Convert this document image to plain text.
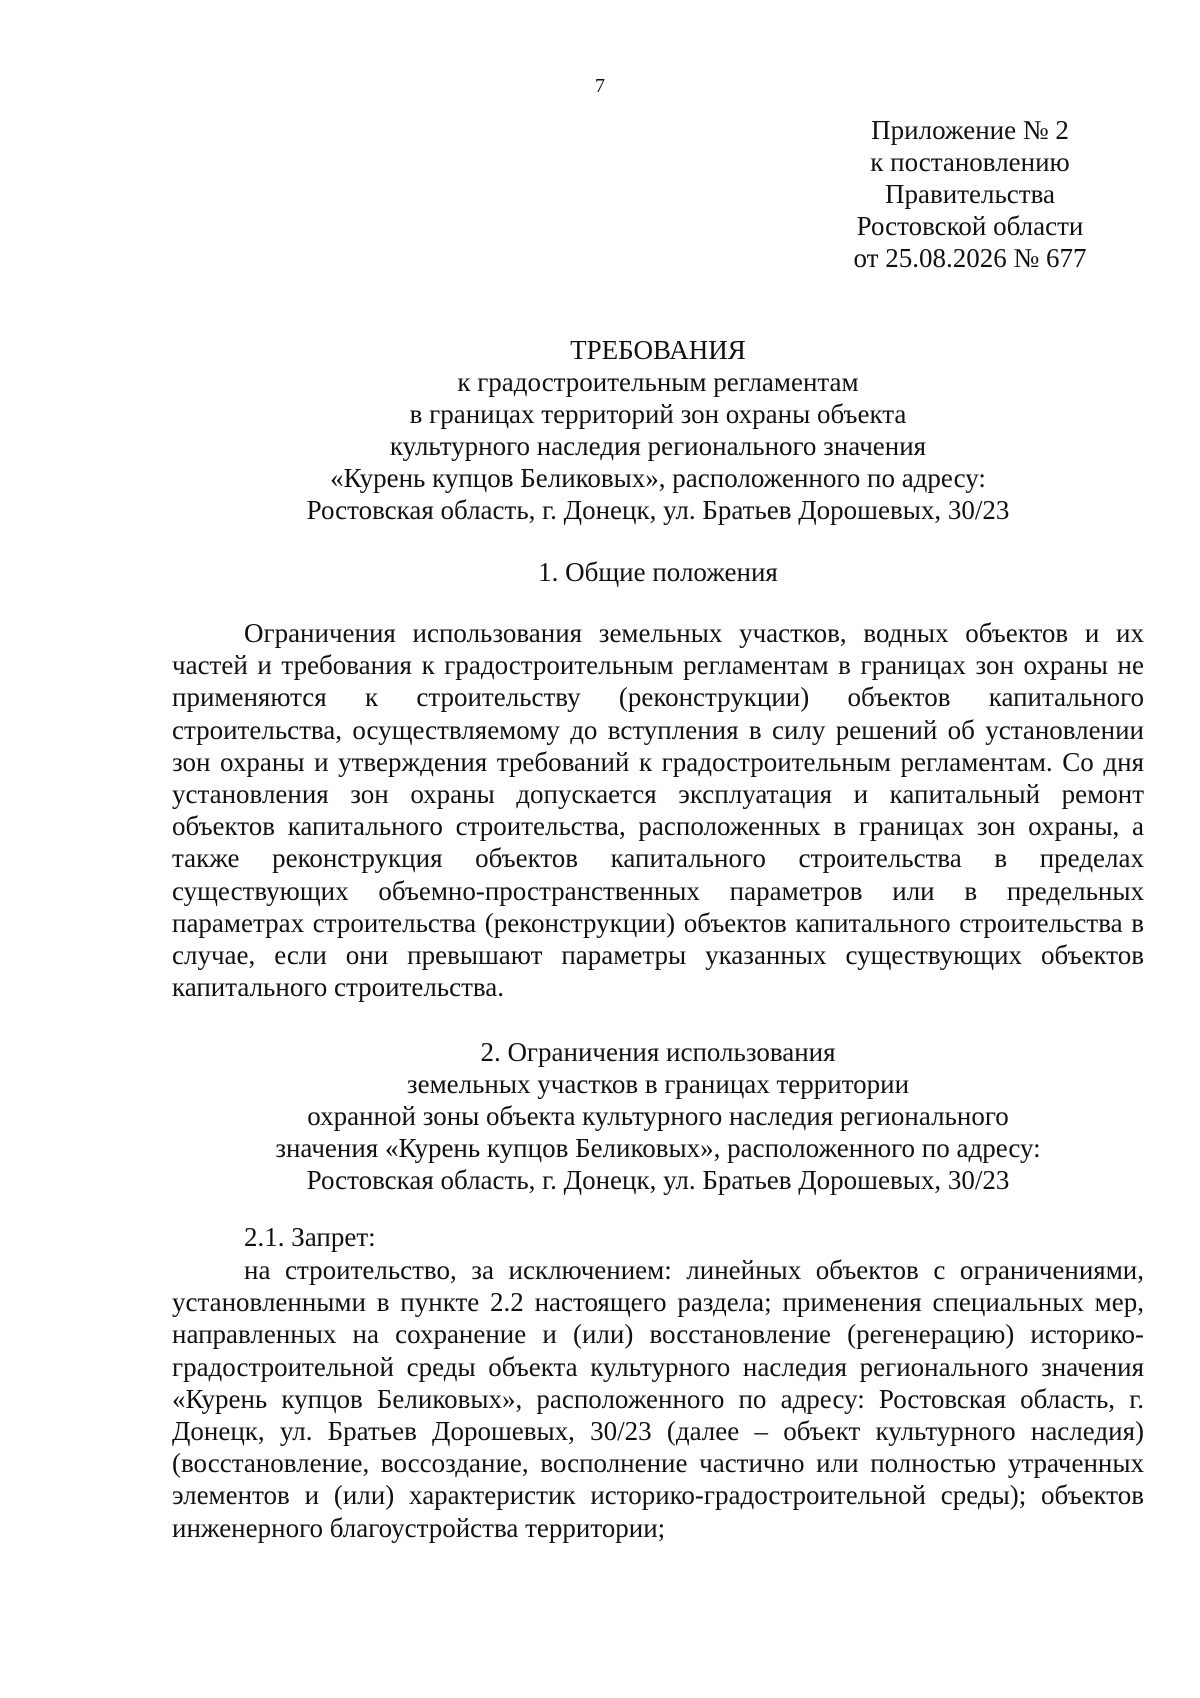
7
Приложение № 2
к постановлению
Правительства
Ростовской области
от 25.08.2026 № 677
ТРЕБОВАНИЯ
к градостроительным регламентам
в границах территорий зон охраны объекта
культурного наследия регионального значения
«Курень купцов Беликовых», расположенного по адресу:
Ростовская область, г. Донецк, ул. Братьев Дорошевых, 30/23
1. Общие положения

Ограничения использования земельных участков, водных объектов и их частей и требования к градостроительным регламентам в границах зон охраны не применяются к строительству (реконструкции) объектов капитального строительства, осуществляемому до вступления в силу решений об установлении зон охраны и утверждения требований к градостроительным регламентам. Со дня установления зон охраны допускается эксплуатация и капитальный ремонт объектов капитального строительства, расположенных в границах зон охраны, а также реконструкция объектов капитального строительства в пределах существующих объемно-пространственных параметров или в предельных параметрах строительства (реконструкции) объектов капитального строительства в случае, если они превышают параметры указанных существующих объектов капитального строительства.

2. Ограничения использования
земельных участков в границах территории
охранной зоны объекта культурного наследия регионального
значения «Курень купцов Беликовых», расположенного по адресу:
Ростовская область, г. Донецк, ул. Братьев Дорошевых, 30/23
2.1. Запрет:

на строительство, за исключением: линейных объектов с ограничениями, установленными в пункте 2.2 настоящего раздела; применения специальных мер, направленных на сохранение и (или) восстановление (регенерацию) историко-градостроительной среды объекта культурного наследия регионального значения «Курень купцов Беликовых», расположенного по адресу: Ростовская область, г. Донецк, ул. Братьев Дорошевых, 30/23 (далее – объект культурного наследия) (восстановление, воссоздание, восполнение частично или полностью утраченных элементов и (или) характеристик историко-градостроительной среды); объектов инженерного благоустройства территории;
